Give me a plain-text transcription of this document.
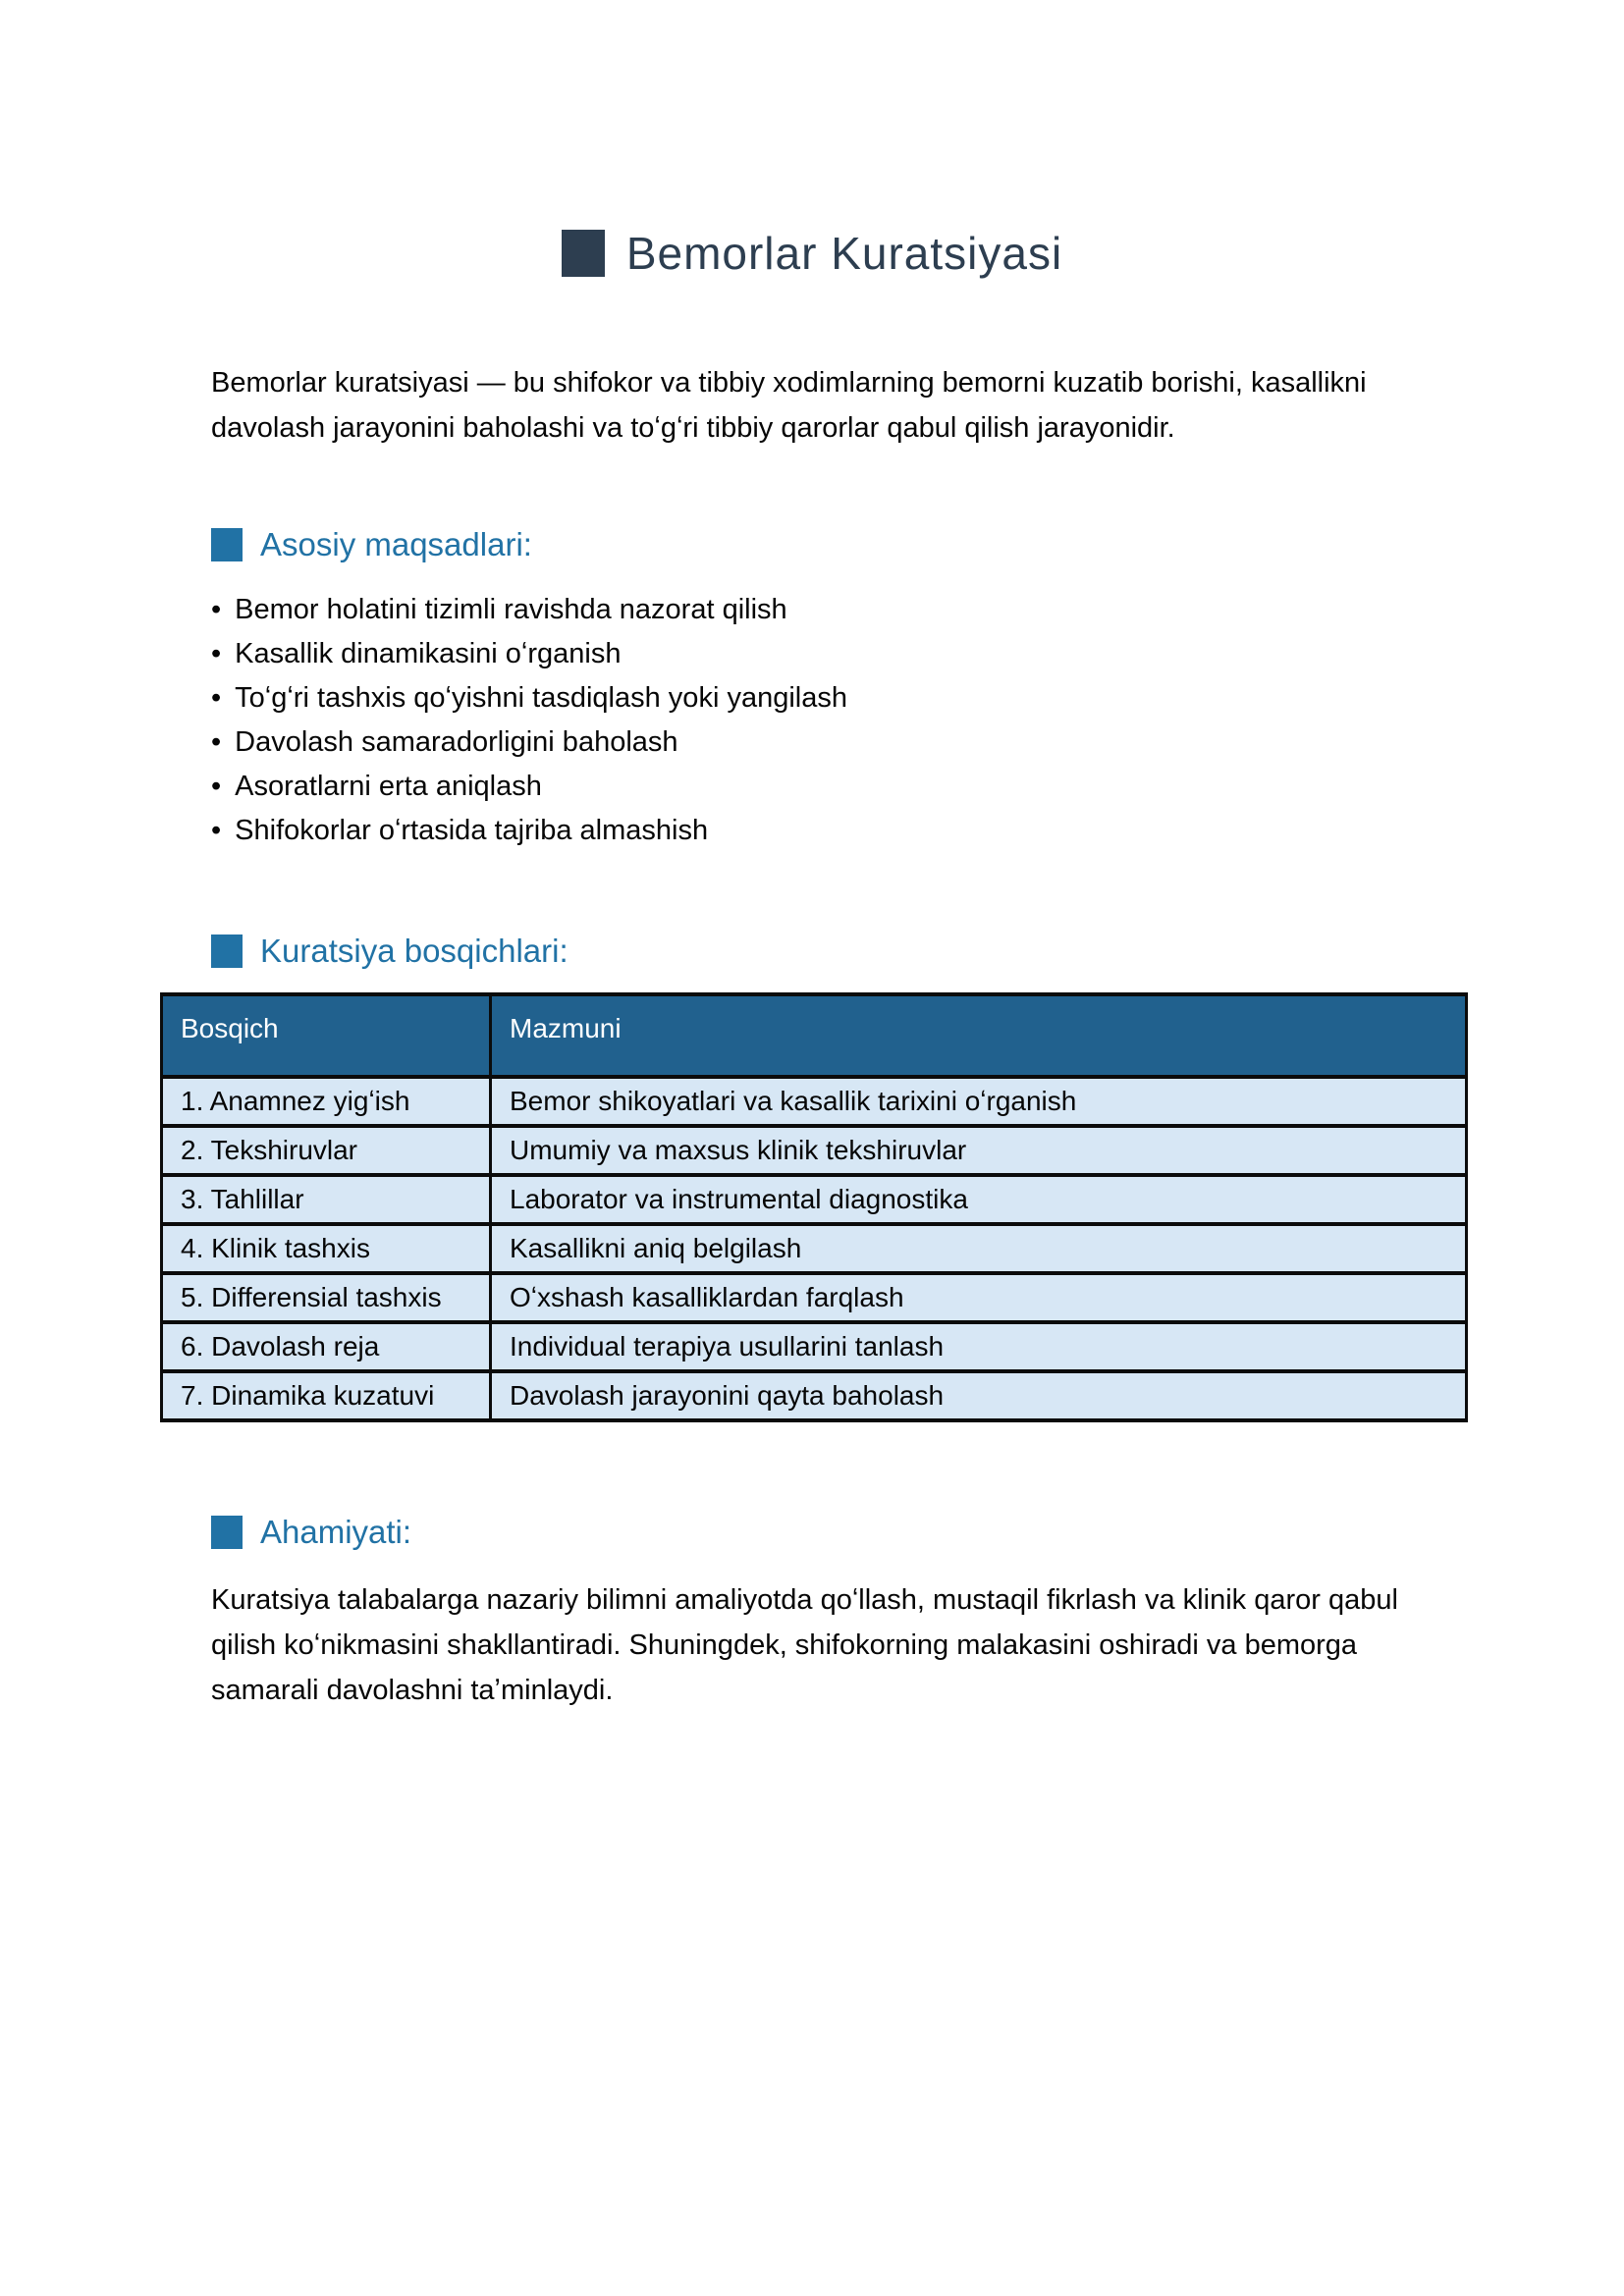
Bemorlar Kuratsiyasi

Bemorlar kuratsiyasi — bu shifokor va tibbiy xodimlarning bemorni kuzatib borishi, kasallikni davolash jarayonini baholashi va toʻgʻri tibbiy qarorlar qabul qilish jarayonidir.

Asosiy maqsadlari:
• Bemor holatini tizimli ravishda nazorat qilish
• Kasallik dinamikasini oʻrganish
• Toʻgʻri tashxis qoʻyishni tasdiqlash yoki yangilash
• Davolash samaradorligini baholash
• Asoratlarni erta aniqlash
• Shifokorlar oʻrtasida tajriba almashish
Kuratsiya bosqichlari:
Bosqich	Mazmuni
1. Anamnez yigʻish	Bemor shikoyatlari va kasallik tarixini oʻrganish
2. Tekshiruvlar	Umumiy va maxsus klinik tekshiruvlar
3. Tahlillar	Laborator va instrumental diagnostika
4. Klinik tashxis	Kasallikni aniq belgilash
5. Differensial tashxis	Oʻxshash kasalliklardan farqlash
6. Davolash reja	Individual terapiya usullarini tanlash
7. Dinamika kuzatuvi	Davolash jarayonini qayta baholash
Ahamiyati:

Kuratsiya talabalarga nazariy bilimni amaliyotda qoʻllash, mustaqil fikrlash va klinik qaror qabul qilish koʻnikmasini shakllantiradi. Shuningdek, shifokorning malakasini oshiradi va bemorga samarali davolashni taʼminlaydi.
